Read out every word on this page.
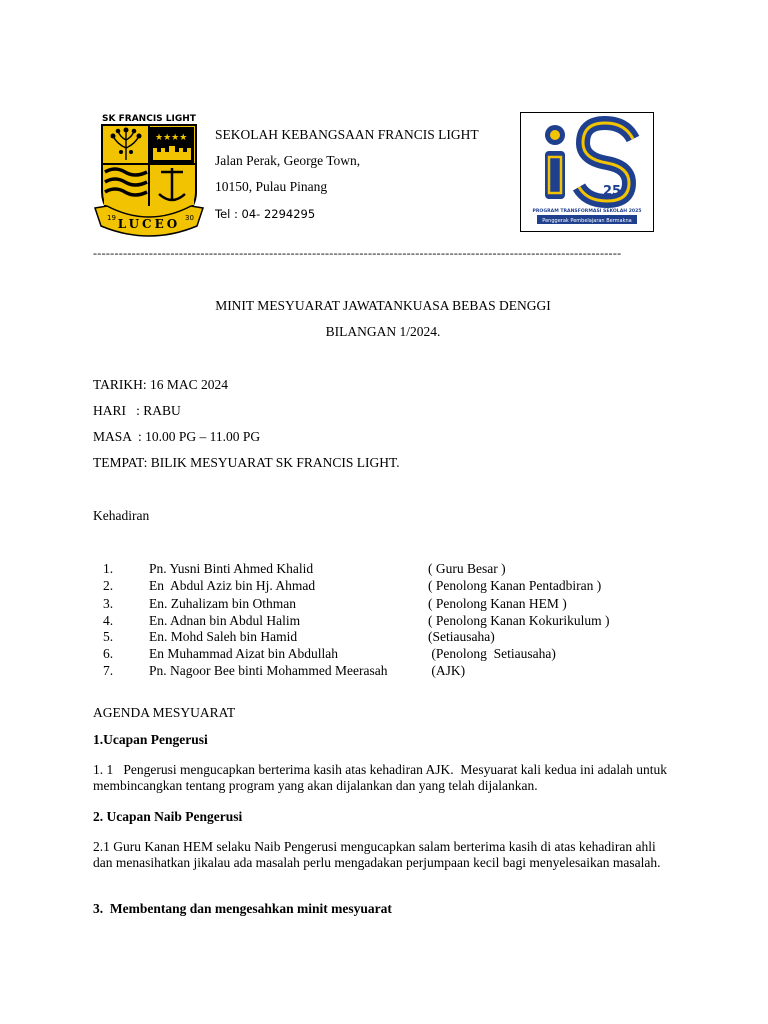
SK FRANCIS LIGHT
★★★★
LUCEO
19	30
SEKOLAH KEBANGSAAN FRANCIS LIGHT
Jalan Perak, George Town,
10150, Pulau Pinang
Tel : 04- 2294295
25
PROGRAM TRANSFORMASI SEKOLAH 2025
Penggerak Pembelajaran Bermakna
---------------------------------------------------------------------------------------------------------------------------
MINIT MESYUARAT JAWATANKUASA BEBAS DENGGI
BILANGAN 1/2024.
TARIKH: 16 MAC 2024
HARI   : RABU
MASA  : 10.00 PG – 11.00 PG
TEMPAT: BILIK MESYUARAT SK FRANCIS LIGHT.
Kehadiran
1.	Pn. Yusni Binti Ahmed Khalid	( Guru Besar )
2.	En  Abdul Aziz bin Hj. Ahmad	( Penolong Kanan Pentadbiran )
3.	En. Zuhalizam bin Othman	( Penolong Kanan HEM )
4.	En. Adnan bin Abdul Halim	( Penolong Kanan Kokurikulum )
5.	En. Mohd Saleh bin Hamid	(Setiausaha)
6.	En Muhammad Aizat bin Abdullah	(Penolong  Setiausaha)
7.	Pn. Nagoor Bee binti Mohammed Meerasah	(AJK)
AGENDA MESYUARAT
1.Ucapan Pengerusi
1. 1   Pengerusi mengucapkan berterima kasih atas kehadiran AJK.  Mesyuarat kali kedua ini adalah untuk membincangkan tentang program yang akan dijalankan dan yang telah dijalankan.
2. Ucapan Naib Pengerusi
2.1 Guru Kanan HEM selaku Naib Pengerusi mengucapkan salam berterima kasih di atas kehadiran ahli dan menasihatkan jikalau ada masalah perlu mengadakan perjumpaan kecil bagi menyelesaikan masalah.
3.  Membentang dan mengesahkan minit mesyuarat
